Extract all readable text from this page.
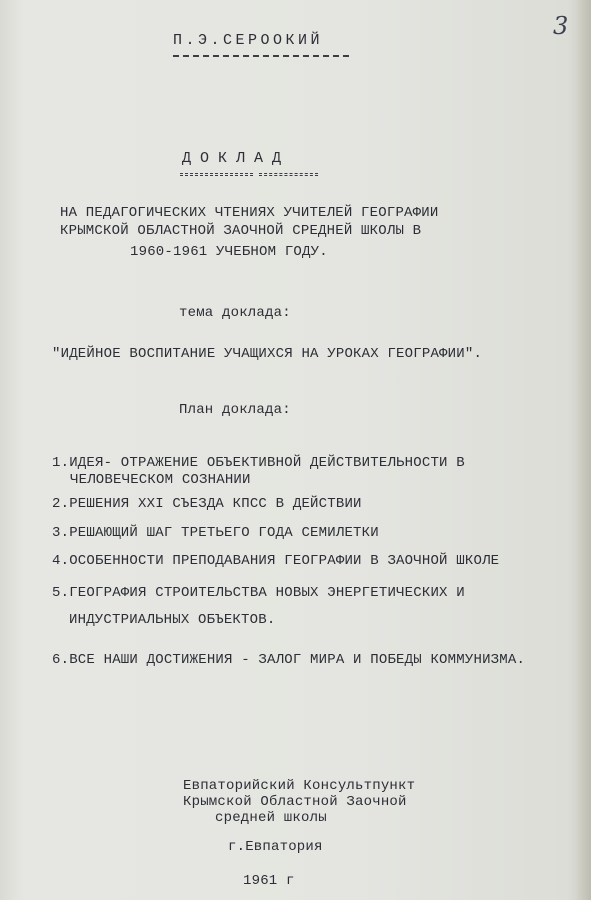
3
П.Э.СЕРООКИЙ
ДОКЛАД
НА ПЕДАГОГИЧЕСКИХ ЧТЕНИЯХ УЧИТЕЛЕЙ ГЕОГРАФИИ
КРЫМСКОЙ ОБЛАСТНОЙ ЗАОЧНОЙ СРЕДНЕЙ ШКОЛЫ В
1960-1961 УЧЕБНОМ ГОДУ.
тема доклада:
"ИДЕЙНОЕ ВОСПИТАНИЕ УЧАЩИХСЯ НА УРОКАХ ГЕОГРАФИИ".
План доклада:
1.ИДЕЯ- ОТРАЖЕНИЕ ОБЪЕКТИВНОЙ ДЕЙСТВИТЕЛЬНОСТИ В
ЧЕЛОВЕЧЕСКОМ СОЗНАНИИ
2.РЕШЕНИЯ XXI СЪЕЗДА КПСС В ДЕЙСТВИИ
3.РЕШАЮЩИЙ ШАГ ТРЕТЬЕГО ГОДА СЕМИЛЕТКИ
4.ОСОБЕННОСТИ ПРЕПОДАВАНИЯ ГЕОГРАФИИ В ЗАОЧНОЙ ШКОЛЕ
5.ГЕОГРАФИЯ СТРОИТЕЛЬСТВА НОВЫХ ЭНЕРГЕТИЧЕСКИХ И
ИНДУСТРИАЛЬНЫХ ОБЪЕКТОВ.
6.ВСЕ НАШИ ДОСТИЖЕНИЯ - ЗАЛОГ МИРА И ПОБЕДЫ КОММУНИЗМА.
Евпаторийский Консультпункт
Крымской Областной Заочной
средней школы
г.Евпатория
1961 г
